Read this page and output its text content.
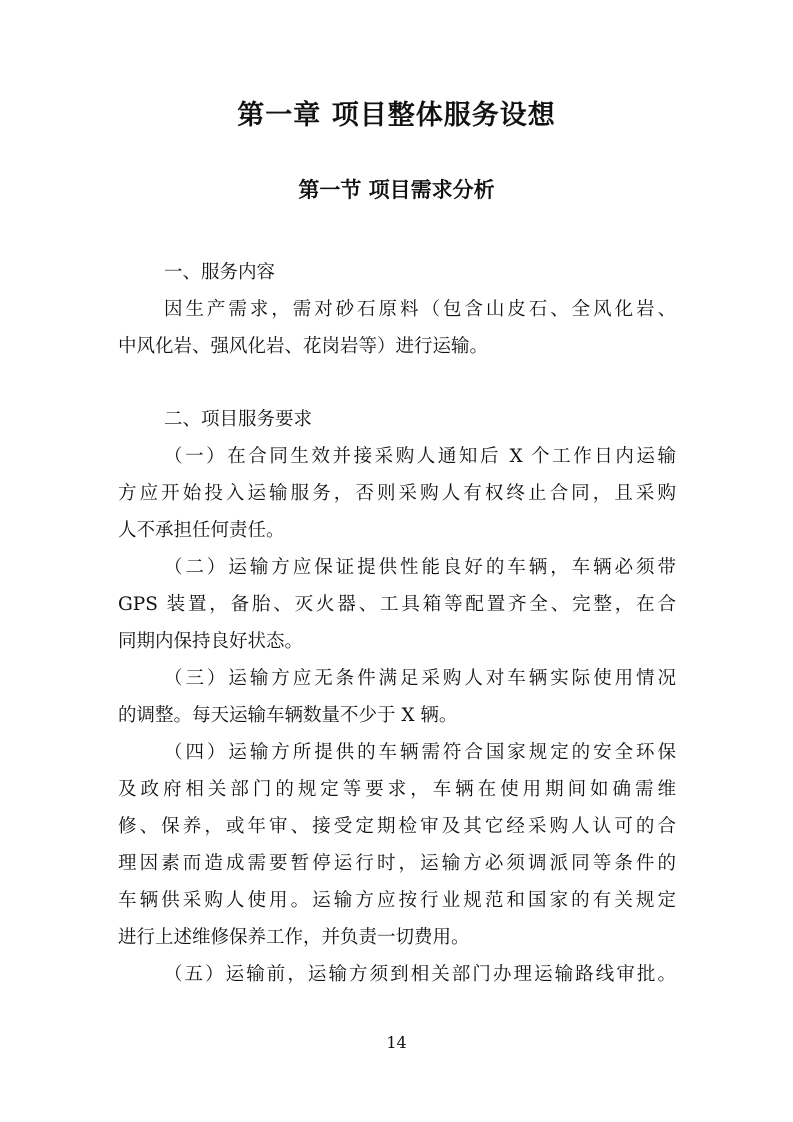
第一章 项目整体服务设想
第一节 项目需求分析
一、服务内容
因生产需求，需对砂石原料（包含山皮石、全风化岩、
中风化岩、强风化岩、花岗岩等）进行运输。
二、项目服务要求
（一）在合同生效并接采购人通知后 X 个工作日内运输
方应开始投入运输服务，否则采购人有权终止合同，且采购
人不承担任何责任。
（二）运输方应保证提供性能良好的车辆，车辆必须带
GPS 装置，备胎、灭火器、工具箱等配置齐全、完整，在合
同期内保持良好状态。
（三）运输方应无条件满足采购人对车辆实际使用情况
的调整。每天运输车辆数量不少于 X 辆。
（四）运输方所提供的车辆需符合国家规定的安全环保
及政府相关部门的规定等要求，车辆在使用期间如确需维
修、保养，或年审、接受定期检审及其它经采购人认可的合
理因素而造成需要暂停运行时，运输方必须调派同等条件的
车辆供采购人使用。运输方应按行业规范和国家的有关规定
进行上述维修保养工作，并负责一切费用。
（五）运输前，运输方须到相关部门办理运输路线审批。
14
